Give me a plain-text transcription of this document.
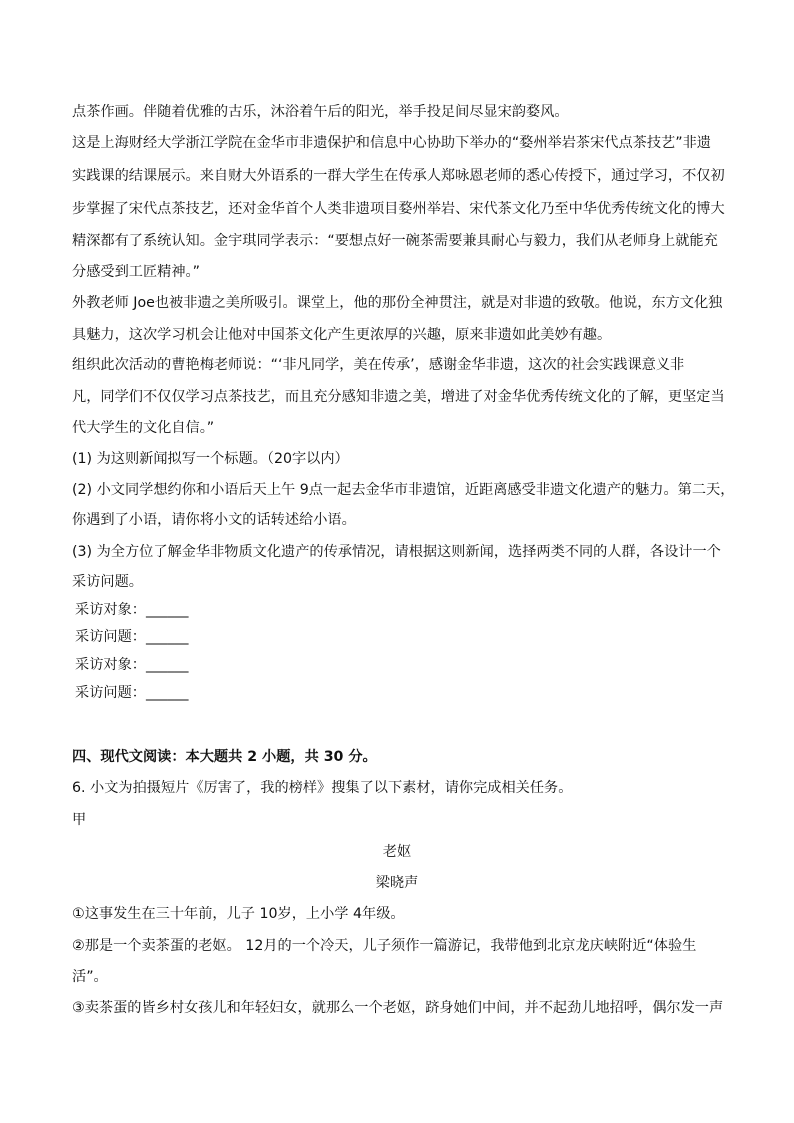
点茶作画。伴随着优雅的古乐，沐浴着午后的阳光，举手投足间尽显宋韵婺风。
这是上海财经大学浙江学院在金华市非遗保护和信息中心协助下举办的“婺州举岩茶宋代点茶技艺”非遗
实践课的结课展示。来自财大外语系的一群大学生在传承人郑咏恩老师的悉心传授下，通过学习，不仅初
步掌握了宋代点茶技艺，还对金华首个人类非遗项目婺州举岩、宋代茶文化乃至中华优秀传统文化的博大
精深都有了系统认知。金宇琪同学表示：“要想点好一碗茶需要兼具耐心与毅力，我们从老师身上就能充
分感受到工匠精神。”
外教老师 Joe也被非遗之美所吸引。课堂上，他的那份全神贯注，就是对非遗的致敬。他说，东方文化独
具魅力，这次学习机会让他对中国茶文化产生更浓厚的兴趣，原来非遗如此美妙有趣。
组织此次活动的曹艳梅老师说：“‘非凡同学，美在传承’，感谢金华非遗，这次的社会实践课意义非
凡，同学们不仅仅学习点茶技艺，而且充分感知非遗之美，增进了对金华优秀传统文化的了解，更坚定当
代大学生的文化自信。”
(1) 为这则新闻拟写一个标题。（20字以内）
(2) 小文同学想约你和小语后天上午 9点一起去金华市非遗馆，近距离感受非遗文化遗产的魅力。第二天，
你遇到了小语，请你将小文的话转述给小语。
(3) 为全方位了解金华非物质文化遗产的传承情况，请根据这则新闻，选择两类不同的人群，各设计一个
采访问题。
采访对象：______
采访问题：______
采访对象：______
采访问题：______
四、现代文阅读：本大题共 2 小题，共 30 分。
6. 小文为拍摄短片《厉害了，我的榜样》搜集了以下素材，请你完成相关任务。
甲
老妪
梁晓声
①这事发生在三十年前，儿子 10岁，上小学 4年级。
②那是一个卖茶蛋的老妪。 12月的一个冷天，儿子须作一篇游记，我带他到北京龙庆峡附近“体验生
活”。
③卖茶蛋的皆乡村女孩儿和年轻妇女，就那么一个老妪，跻身她们中间，并不起劲儿地招呼，偶尔发一声
